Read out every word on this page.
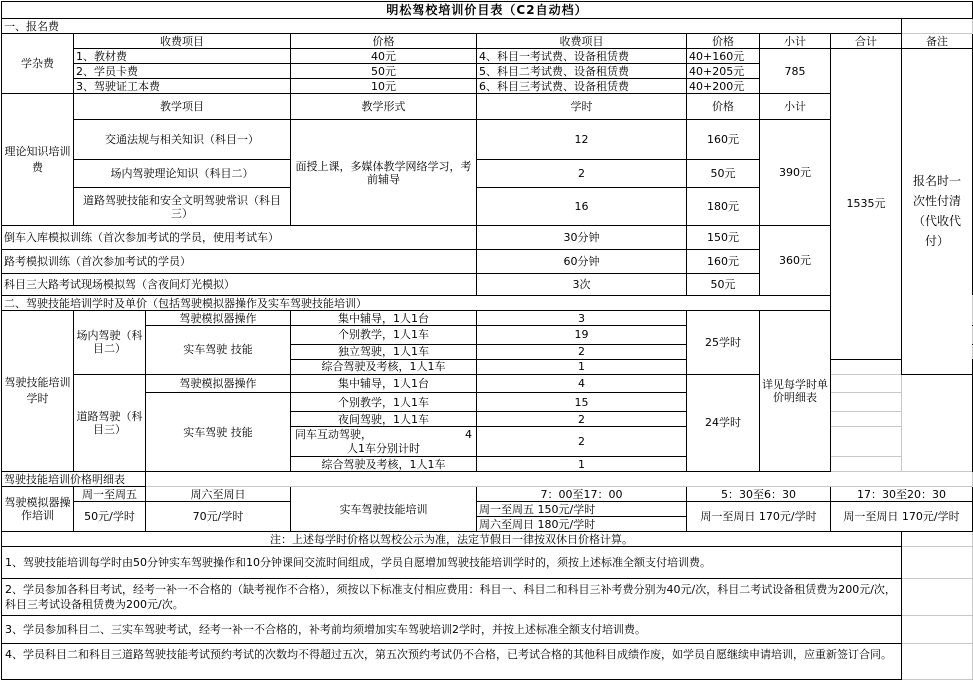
明松驾校培训价目表（C2自动档）									
一、报名费									
学杂费	收费项目		价格	收费项目	价格	小计	合计	备注	
	1、教材费		40元	4、科目一考试费、设备租赁费	40+160元	785	1535元	报名时一次性付清（代收代付）	
	2、学员卡费		50元	5、科目二考试费、设备租赁费	40+205元				
	3、驾驶证工本费		10元	6、科目三考试费、设备租赁费	40+200元				
理论知识培训费	教学项目		教学形式	学时	价格	小计			
	交通法规与相关知识（科目一）		面授上课，多媒体教学网络学习，考前辅导	12	160元	390元			
	场内驾驶理论知识（科目二）			2	50元				
	道路驾驶技能和安全文明驾驶常识（科目三）			16	180元				
倒车入库模拟训练（首次参加考试的学员，使用考试车）				30分钟	150元	360元			
路考模拟训练（首次参加考试的学员）				60分钟	160元				
科目三大路考试现场模拟驾（含夜间灯光模拟）				3次	50元				
二、驾驶技能培训学时及单价（包括驾驶模拟器操作及实车驾驶技能培训）									
驾驶技能培训学时	场内驾驶（科目二）	驾驶模拟器操作	集中辅导，1人1台	3	25学时	详见每学时单价明细表		
		实车驾驶 技能	个别教学，1人1车	19					
			独立驾驶，1人1车	2					
			综合驾驶及考核，1人1车	1					
	道路驾驶（科目三）	驾驶模拟器操作	集中辅导，1人1台	4	24学时				
		实车驾驶 技能	个别教学，1人1车	15					
			夜间驾驶，1人1车	2					

			同车互动驾驶， 4
人1车分别计时	2					
			综合驾驶及考核，1人1车	1					
驾驶技能培训价格明细表									
驾驶模拟器操作培训	周一至周五	周六至周日	实车驾驶技能培训	7：00至17：00	5：30至6：30		17：30至20：30		
	50元/学时	70元/学时		周一至周五 150元/学时	周一至周日 170元/学时		周一至周日 170元/学时		
				周六至周日 180元/学时					
注：上述每学时价格以驾校公示为准，法定节假日一律按双休日价格计算。									
1、驾驶技能培训每学时由50分钟实车驾驶操作和10分钟课间交流时间组成，学员自愿增加驾驶技能培训学时的，须按上述标准全额支付培训费。									
2、学员参加各科目考试，经考一补一不合格的（缺考视作不合格），须按以下标准支付相应费用：科目一、科目二和科目三补考费分别为40元/次，科目二考试设备租赁费为200元/次，科目三考试设备租赁费为200元/次。									
3、学员参加科目二、三实车驾驶考试，经考一补一不合格的，补考前均须增加实车驾驶培训2学时，并按上述标准全额支付培训费。									
4、学员科目二和科目三道路驾驶技能考试预约考试的次数均不得超过五次，第五次预约考试仍不合格，已考试合格的其他科目成绩作废，如学员自愿继续申请培训，应重新签订合同。									
